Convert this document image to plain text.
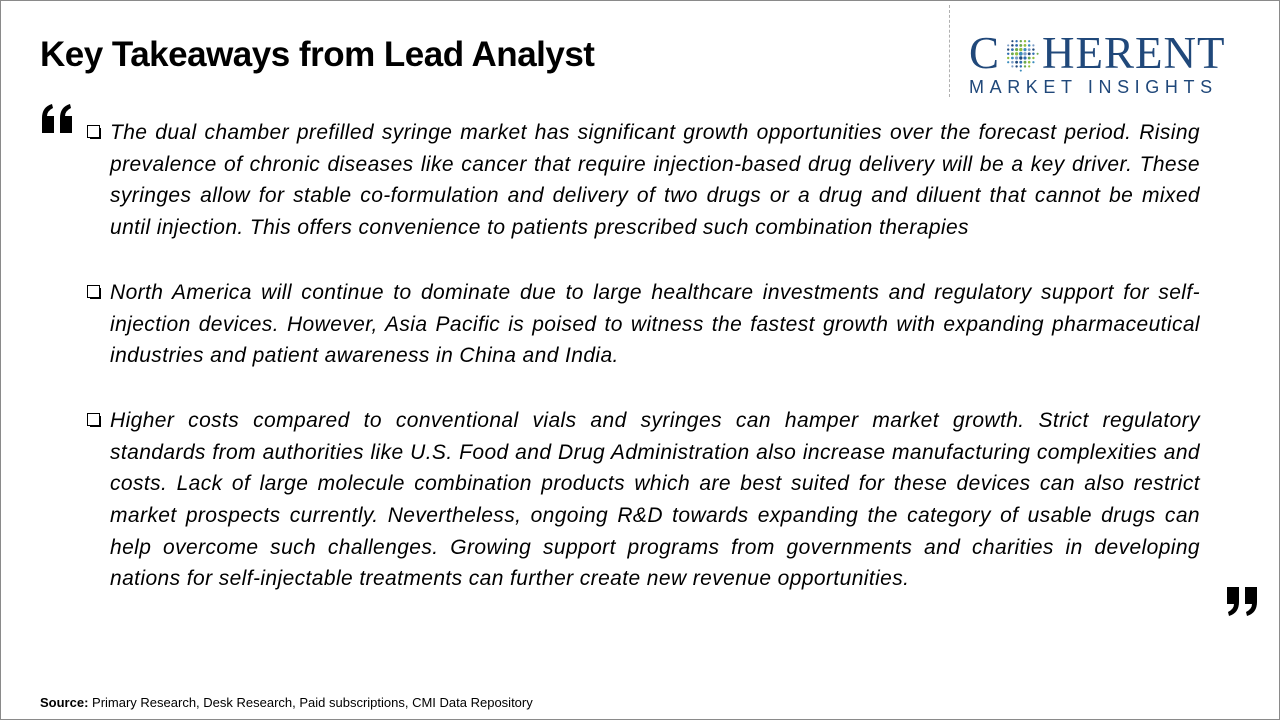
Key Takeaways from Lead Analyst	C HERENT
MARKET INSIGHTS
The dual chamber prefilled syringe market has significant growth opportunities over the forecast period. Rising prevalence of chronic diseases like cancer that require injection-based drug delivery will be a key driver. These syringes allow for stable co-formulation and delivery of two drugs or a drug and diluent that cannot be mixed until injection. This offers convenience to patients prescribed such combination therapies
North America will continue to dominate due to large healthcare investments and regulatory support for self-injection devices. However, Asia Pacific is poised to witness the fastest growth with expanding pharmaceutical industries and patient awareness in China and India.
Higher costs compared to conventional vials and syringes can hamper market growth. Strict regulatory standards from authorities like U.S. Food and Drug Administration also increase manufacturing complexities and costs. Lack of large molecule combination products which are best suited for these devices can also restrict market prospects currently. Nevertheless, ongoing R&D towards expanding the category of usable drugs can help overcome such challenges. Growing support programs from governments and charities in developing nations for self-injectable treatments can further create new revenue opportunities.
Source: Primary Research, Desk Research, Paid subscriptions, CMI Data Repository
